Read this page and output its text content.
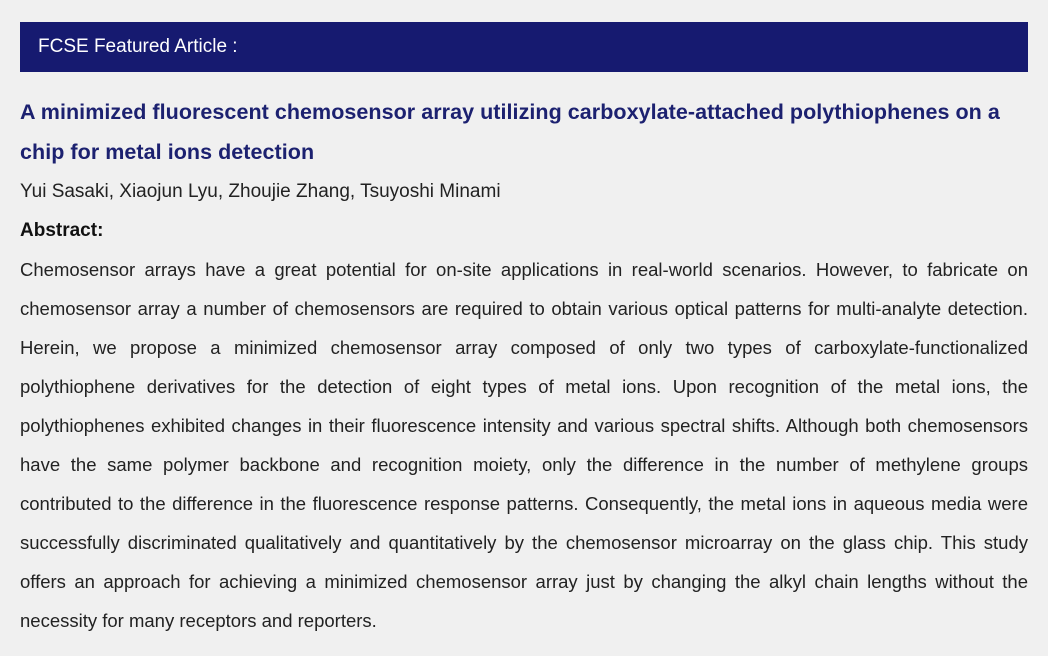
FCSE Featured Article :
A minimized fluorescent chemosensor array utilizing carboxylate-attached polythiophenes on a chip for metal ions detection
Yui Sasaki, Xiaojun Lyu, Zhoujie Zhang, Tsuyoshi Minami
Abstract:
Chemosensor arrays have a great potential for on-site applications in real-world scenarios. However, to fabricate on chemosensor array a number of chemosensors are required to obtain various optical patterns for multi-analyte detection. Herein, we propose a minimized chemosensor array composed of only two types of carboxylate-functionalized polythiophene derivatives for the detection of eight types of metal ions. Upon recognition of the metal ions, the polythiophenes exhibited changes in their fluorescence intensity and various spectral shifts. Although both chemosensors have the same polymer backbone and recognition moiety, only the difference in the number of methylene groups contributed to the difference in the fluorescence response patterns. Consequently, the metal ions in aqueous media were successfully discriminated qualitatively and quantitatively by the chemosensor microarray on the glass chip. This study offers an approach for achieving a minimized chemosensor array just by changing the alkyl chain lengths without the necessity for many receptors and reporters.
